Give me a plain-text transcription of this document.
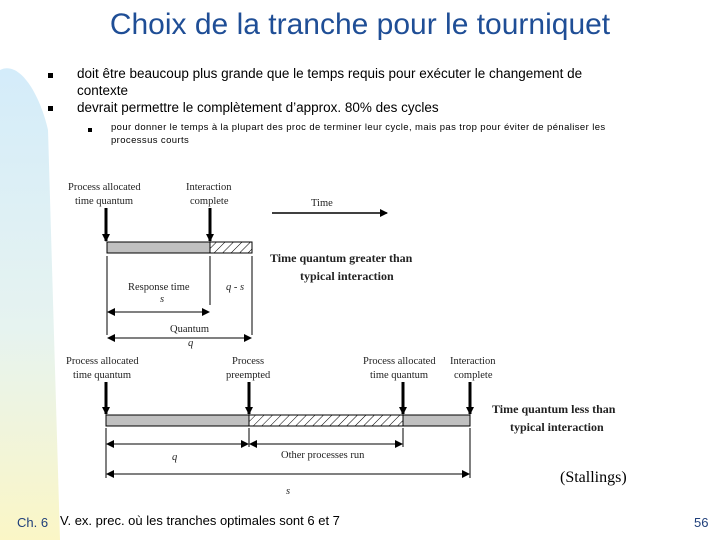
Choix de la tranche pour le tourniquet
doit être beaucoup plus grande que le temps requis pour exécuter le changement de
contexte
devrait permettre le complètement d’approx. 80% des cycles
pour donner le temps à la plupart des proc de terminer leur cycle, mais pas trop pour éviter de pénaliser les
processus courts
Process allocated
time quantum
Interaction
complete	Time
Time quantum greater than
typical interaction
Response time
s
q - s
Quantum
q
Process allocated
time quantum
Process
preempted
Process allocated
time quantum
Interaction
complete
Time quantum less than
typical interaction
q	Other processes run
s
(Stallings)
Ch. 6 V. ex. prec. où les tranches optimales sont 6 et 7	56
